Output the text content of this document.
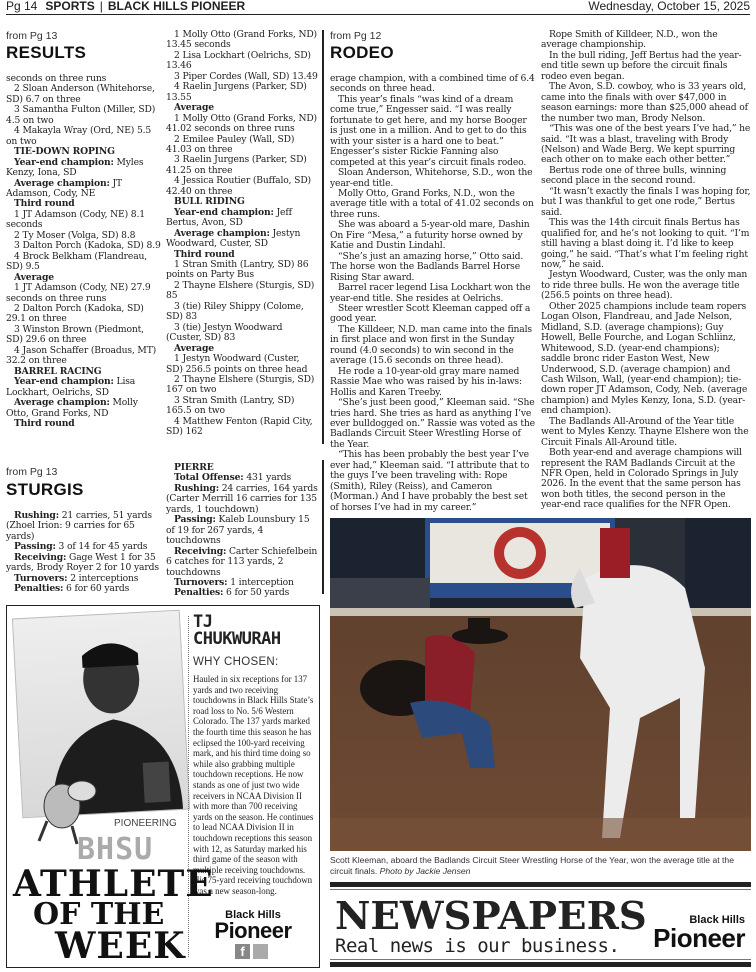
Pg 14 SPORTS | BLACK HILLS PIONEER	Wednesday, October 15, 2025
from Pg 13
RESULTS

seconds on three runs

2 Sloan Anderson (Whitehorse, SD) 6.7 on three

3 Samantha Fulton (Miller, SD) 4.5 on two

4 Makayla Wray (Ord, NE) 5.5 on two

TIE-DOWN ROPING

Year-end champion: Myles Kenzy, Iona, SD

Average champion: JT Adamson, Cody, NE

Third round

1 JT Adamson (Cody, NE) 8.1 seconds

2 Ty Moser (Volga, SD) 8.8

3 Dalton Porch (Kadoka, SD) 8.9

4 Brock Belkham (Flandreau, SD) 9.5

Average

1 JT Adamson (Cody, NE) 27.9 seconds on three runs

2 Dalton Porch (Kadoka, SD) 29.1 on three

3 Winston Brown (Piedmont, SD) 29.6 on three

4 Jason Schaffer (Broadus, MT) 32.2 on three

BARREL RACING

Year-end champion: Lisa Lockhart, Oelrichs, SD

Average champion: Molly Otto, Grand Forks, ND

Third round

1 Molly Otto (Grand Forks, ND) 13.45 seconds

2 Lisa Lockhart (Oelrichs, SD) 13.46

3 Piper Cordes (Wall, SD) 13.49

4 Raelin Jurgens (Parker, SD) 13.55

Average

1 Molly Otto (Grand Forks, ND) 41.02 seconds on three runs

2 Emilee Pauley (Wall, SD) 41.03 on three

3 Raelin Jurgens (Parker, SD) 41.25 on three

4 Jessica Routier (Buffalo, SD) 42.40 on three

BULL RIDING

Year-end champion: Jeff Bertus, Avon, SD

Average champion: Jestyn Woodward, Custer, SD

Third round

1 Stran Smith (Lantry, SD) 86 points on Party Bus

2 Thayne Elshere (Sturgis, SD) 85

3 (tie) Riley Shippy (Colome, SD) 83

3 (tie) Jestyn Woodward (Custer, SD) 83

Average

1 Jestyn Woodward (Custer, SD) 256.5 points on three head

2 Thayne Elshere (Sturgis, SD) 167 on two

3 Stran Smith (Lantry, SD) 165.5 on two

4 Matthew Fenton (Rapid City, SD) 162

from Pg 13
STURGIS

Rushing: 21 carries, 51 yards (Zhoel Irion: 9 carries for 65 yards)

Passing: 3 of 14 for 45 yards

Receiving: Gage West 1 for 35 yards, Brody Royer 2 for 10 yards

Turnovers: 2 interceptions

Penalties: 6 for 60 yards

PIERRE

Total Offense: 431 yards

Rushing: 24 carries, 164 yards (Carter Merrill 16 carries for 135 yards, 1 touchdown)

Passing: Kaleb Lounsbury 15 of 19 for 267 yards, 4 touchdowns

Receiving: Carter Schiefelbein 6 catches for 113 yards, 2 touchdowns

Turnovers: 1 interception

Penalties: 6 for 50 yards

from Pg 12
RODEO

erage champion, with a combined time of 6.4 seconds on three head.

This year’s finals “was kind of a dream come true,” Engesser said. “I was really fortunate to get here, and my horse Booger is just one in a million. And to get to do this with your sister is a hard one to beat.” Engesser’s sister Rickie Fanning also competed at this year’s circuit finals rodeo.

Sloan Anderson, Whitehorse, S.D., won the year-end title.

Molly Otto, Grand Forks, N.D., won the average title with a total of 41.02 seconds on three runs.

She was aboard a 5-year-old mare, Dashin On Fire “Mesa,” a futurity horse owned by Katie and Dustin Lindahl.

“She’s just an amazing horse,” Otto said. The horse won the Badlands Barrel Horse Rising Star award.

Barrel racer legend Lisa Lockhart won the year-end title. She resides at Oelrichs.

Steer wrestler Scott Kleeman capped off a good year.

The Killdeer, N.D. man came into the finals in first place and won first in the Sunday round (4.0 seconds) to win second in the average (15.6 seconds on three head).

He rode a 10-year-old gray mare named Rassie Mae who was raised by his in-laws: Hollis and Karen Treeby.

“She’s just been good,” Kleeman said. “She tries hard. She tries as hard as anything I’ve ever bulldogged on.” Rassie was voted as the Badlands Circuit Steer Wrestling Horse of the Year.

“This has been probably the best year I’ve ever had,” Kleeman said. “I attribute that to the guys I’ve been traveling with: Rope (Smith), Riley (Reiss), and Cameron (Morman.) And I have probably the best set of horses I’ve had in my career.”

Rope Smith of Killdeer, N.D., won the average championship.

In the bull riding, Jeff Bertus had the year-end title sewn up before the circuit finals rodeo even began.

The Avon, S.D. cowboy, who is 33 years old, came into the finals with over $47,000 in season earnings: more than $25,000 ahead of the number two man, Brody Nelson.

“This was one of the best years I’ve had,” he said. “It was a blast, traveling with Brody (Nelson) and Wade Berg. We kept spurring each other on to make each other better.”

Bertus rode one of three bulls, winning second place in the second round.

“It wasn’t exactly the finals I was hoping for, but I was thankful to get one rode,” Bertus said.

This was the 14th circuit finals Bertus has qualified for, and he’s not looking to quit. “I’m still having a blast doing it. I’d like to keep going,” he said. “That’s what I’m feeling right now,” he said.

Jestyn Woodward, Custer, was the only man to ride three bulls. He won the average title (256.5 points on three head).

Other 2025 champions include team ropers Logan Olson, Flandreau, and Jade Nelson, Midland, S.D. (average champions); Guy Howell, Belle Fourche, and Logan Schliinz, Whitewood, S.D. (year-end champions); saddle bronc rider Easton West, New Underwood, S.D. (average champion) and Cash Wilson, Wall, (year-end champion); tie-down roper JT Adamson, Cody, Neb. (average champion) and Myles Kenzy, Iona, S.D. (year-end champion).

The Badlands All-Around of the Year title went to Myles Kenzy. Thayne Elshere won the Circuit Finals All-Around title.

Both year-end and average champions will represent the RAM Badlands Circuit at the NFR Open, held in Colorado Springs in July 2026. In the event that the same person has won both titles, the second person in the year-end race qualifies for the NFR Open.

Scott Kleeman, aboard the Badlands Circuit Steer Wrestling Horse of the Year, won the average title at the circuit finals. Photo by Jackie Jensen
NEWSPAPERS
Real news is our business.
Black Hills
Pioneer
TJ
CHUKWURAH
WHY CHOSEN:
Hauled in six receptions for 137 yards and two receiving touchdowns in Black Hills State’s road loss to No. 5/6 Western Colorado. The 137 yards marked the fourth time this season he has eclipsed the 100-yard receiving mark, and his third time doing so while also grabbing multiple touchdown receptions. He now stands as one of just two wide receivers in NCAA Division II with more than 700 receiving yards on the season. He continues to lead NCAA Division II in touchdown receptions this season with 12, as Saturday marked his third game of the season with multiple receiving touchdowns. His 75-yard receiving touchdown was a new season-long.
PIONEERING
BHSU
ATHLETE
OF THE
WEEK
Black Hills
Pioneer
f
